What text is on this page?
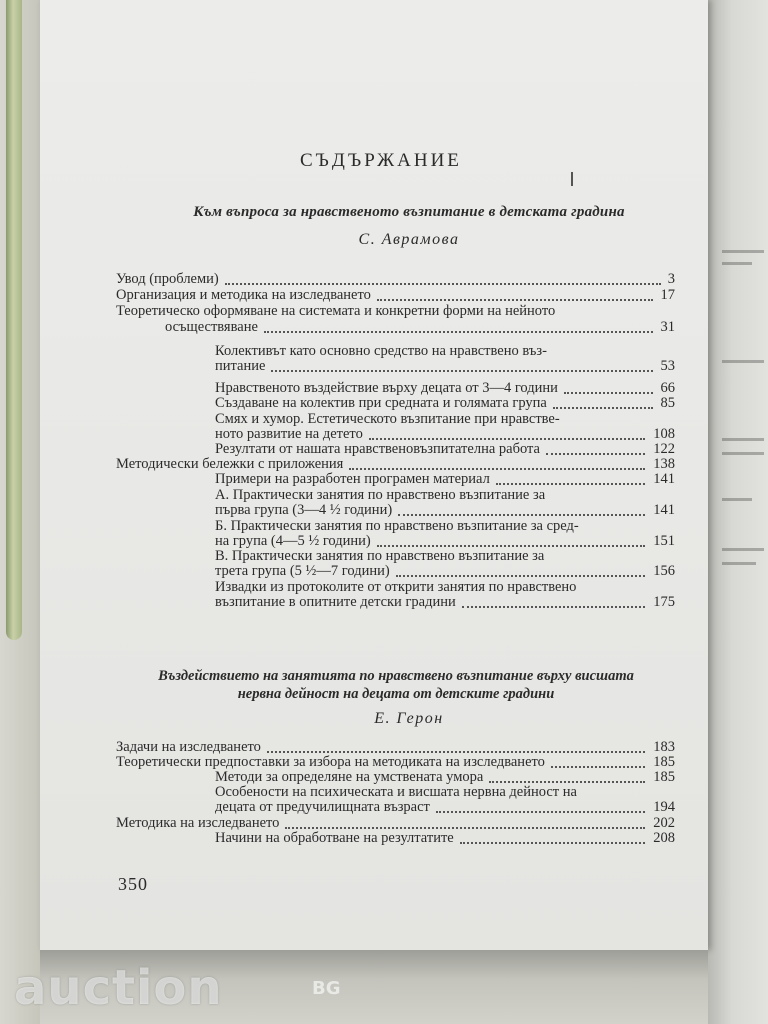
СЪДЪРЖАНИЕ
Към въпроса за нравственото възпитание в детската градина
С. Аврамова
Увод (проблеми)	3
Организация и методика на изследването	17
Теоретическо оформяване на системата и конкретни форми на нейното
осъществяване	31
Колективът като основно средство на нравствено въз-
питание	53
Нравственото въздействие върху децата от 3—4 години	66
Създаване на колектив при средната и голямата група	85
Смях и хумор. Естетическото възпитание при нравстве-
ното развитие на детето	108
Резултати от нашата нравственовъзпитателна работа	122
Методически бележки с приложения	138
Примери на разработен програмен материал	141
А. Практически занятия по нравствено възпитание за
първа група (3—4 ½ години)	141
Б. Практически занятия по нравствено възпитание за сред-
на група (4—5 ½ години)	151
В. Практически занятия по нравствено възпитание за
трета група (5 ½—7 години)	156
Извадки из протоколите от открити занятия по нравствено
възпитание в опитните детски градини	175
Въздействието на занятията по нравствено възпитание върху висшата
нервна дейност на децата от детските градини
Е. Герон
Задачи на изследването	183
Теоретически предпоставки за избора на методиката на изследването	185
Методи за определяне на умствената умора	185
Особености на психическата и висшата нервна дейност на
децата от предучилищната възраст	194
Методика на изследването	202
Начини на обработване на резултатите	208
350
auction	BG
